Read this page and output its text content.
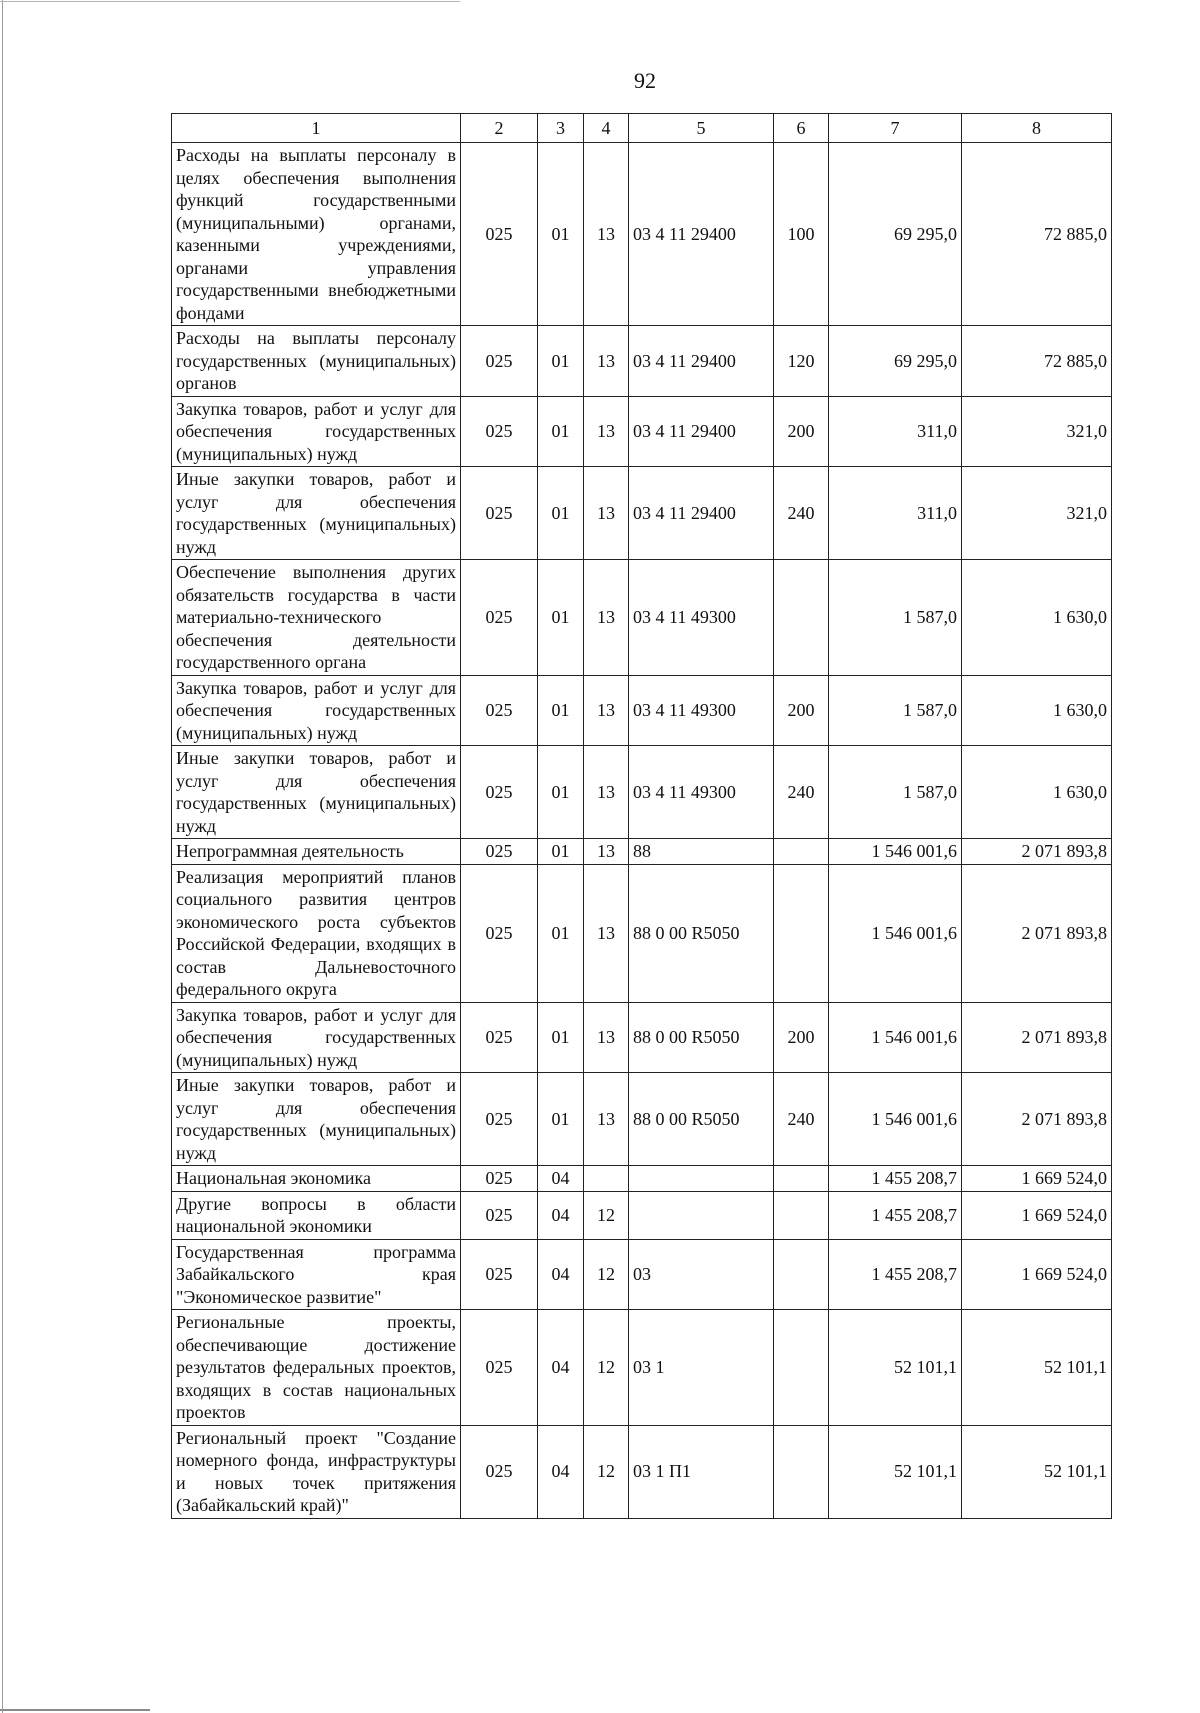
92
1	2	3	4	5	6	7	8
Расходы на выплаты персоналу в целях обеспечения выполнения функций государственными (муниципальными) органами, казенными учреждениями, органами управления государственными внебюджетными фондами	025	01	13	03 4 11 29400	100	69 295,0	72 885,0
Расходы на выплаты персоналу государственных (муниципальных) органов	025	01	13	03 4 11 29400	120	69 295,0	72 885,0
Закупка товаров, работ и услуг для обеспечения государственных (муниципальных) нужд	025	01	13	03 4 11 29400	200	311,0	321,0
Иные закупки товаров, работ и услуг для обеспечения государственных (муниципальных) нужд	025	01	13	03 4 11 29400	240	311,0	321,0
Обеспечение выполнения других обязательств государства в части материально-технического обеспечения деятельности государственного органа	025	01	13	03 4 11 49300		1 587,0	1 630,0
Закупка товаров, работ и услуг для обеспечения государственных (муниципальных) нужд	025	01	13	03 4 11 49300	200	1 587,0	1 630,0
Иные закупки товаров, работ и услуг для обеспечения государственных (муниципальных) нужд	025	01	13	03 4 11 49300	240	1 587,0	1 630,0
Непрограммная деятельность	025	01	13	88		1 546 001,6	2 071 893,8
Реализация мероприятий планов социального развития центров экономического роста субъектов Российской Федерации, входящих в состав Дальневосточного федерального округа	025	01	13	88 0 00 R5050		1 546 001,6	2 071 893,8
Закупка товаров, работ и услуг для обеспечения государственных (муниципальных) нужд	025	01	13	88 0 00 R5050	200	1 546 001,6	2 071 893,8
Иные закупки товаров, работ и услуг для обеспечения государственных (муниципальных) нужд	025	01	13	88 0 00 R5050	240	1 546 001,6	2 071 893,8
Национальная экономика	025	04				1 455 208,7	1 669 524,0
Другие вопросы в области национальной экономики	025	04	12			1 455 208,7	1 669 524,0
Государственная программа Забайкальского края "Экономическое развитие"	025	04	12	03		1 455 208,7	1 669 524,0
Региональные проекты, обеспечивающие достижение результатов федеральных проектов, входящих в состав национальных проектов	025	04	12	03 1		52 101,1	52 101,1
Региональный проект "Создание номерного фонда, инфраструктуры и новых точек притяжения (Забайкальский край)"	025	04	12	03 1 П1		52 101,1	52 101,1
